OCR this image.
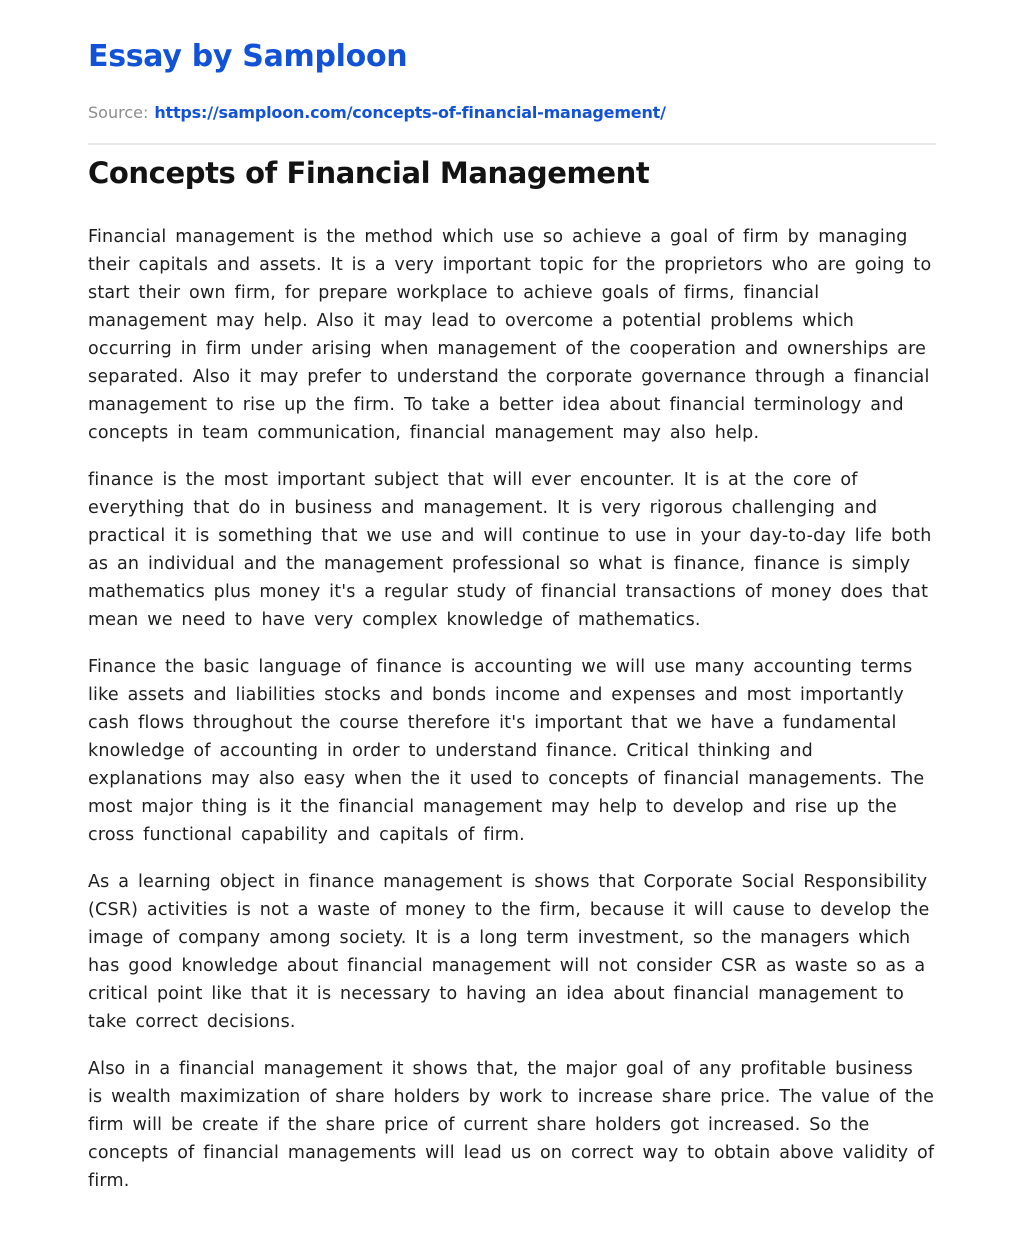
Essay by Samploon
Source: https://samploon.com/concepts-of-financial-management/
Concepts of Financial Management

Financial management is the method which use so achieve a goal of firm by managing their capitals and assets. It is a very important topic for the proprietors who are going to start their own firm, for prepare workplace to achieve goals of firms, financial management may help. Also it may lead to overcome a potential problems which occurring in firm under arising when management of the cooperation and ownerships are separated. Also it may prefer to understand the corporate governance through a financial management to rise up the firm. To take a better idea about financial terminology and concepts in team communication, financial management may also help.

finance is the most important subject that will ever encounter. It is at the core of everything that do in business and management. It is very rigorous challenging and practical it is something that we use and will continue to use in your day-to-day life both as an individual and the management professional so what is finance, finance is simply mathematics plus money it's a regular study of financial transactions of money does that mean we need to have very complex knowledge of mathematics.

Finance the basic language of finance is accounting we will use many accounting terms like assets and liabilities stocks and bonds income and expenses and most importantly cash flows throughout the course therefore it's important that we have a fundamental knowledge of accounting in order to understand finance. Critical thinking and explanations may also easy when the it used to concepts of financial managements. The most major thing is it the financial management may help to develop and rise up the cross functional capability and capitals of firm.

As a learning object in finance management is shows that Corporate Social Responsibility (CSR) activities is not a waste of money to the firm, because it will cause to develop the image of company among society. It is a long term investment, so the managers which has good knowledge about financial management will not consider CSR as waste so as a critical point like that it is necessary to having an idea about financial management to take correct decisions.

Also in a financial management it shows that, the major goal of any profitable business is wealth maximization of share holders by work to increase share price. The value of the firm will be create if the share price of current share holders got increased. So the concepts of financial managements will lead us on correct way to obtain above validity of firm.
